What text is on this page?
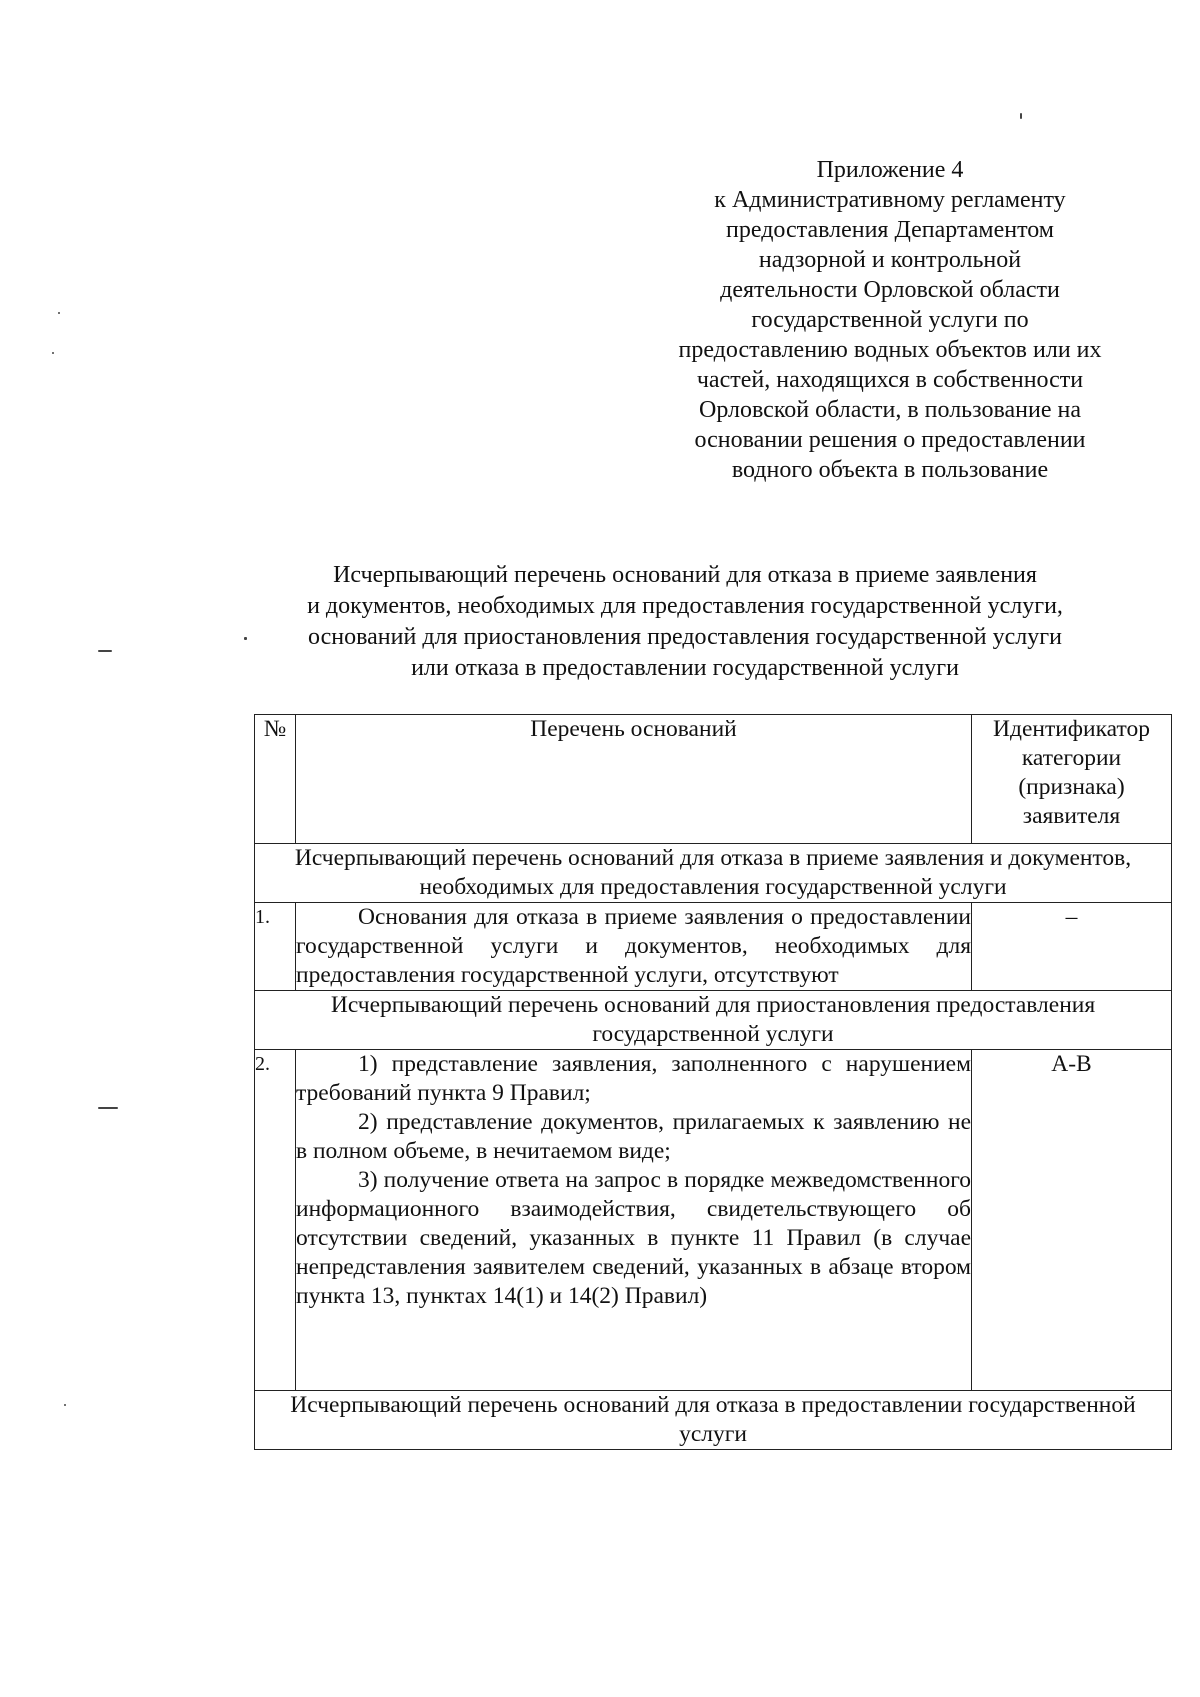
Приложение 4
к Административному регламенту
предоставления Департаментом
надзорной и контрольной
деятельности Орловской области
государственной услуги по
предоставлению водных объектов или их
частей, находящихся в собственности
Орловской области, в пользование на
основании решения о предоставлении
водного объекта в пользование
Исчерпывающий перечень оснований для отказа в приеме заявления
и документов, необходимых для предоставления государственной услуги,
оснований для приостановления предоставления государственной услуги
или отказа в предоставлении государственной услуги
№	Перечень оснований	Идентификатор
категории
(признака)
заявителя

Исчерпывающий перечень оснований для отказа в приеме заявления и документов, необходимых для предоставления государственной услуги		
1.	Основания для отказа в приеме заявления о предоставлении государственной услуги и документов, необходимых для предоставления государственной услуги, отсутствуют	–
Исчерпывающий перечень оснований для приостановления предоставления государственной услуги		
2.	1) представление заявления, заполненного с нарушением требований пункта 9 Правил;

2) представление документов, прилагаемых к заявлению не в полном объеме, в нечитаемом виде;

3) получение ответа на запрос в порядке межведомственного информационного взаимодействия, свидетельствующего об отсутствии сведений, указанных в пункте 11 Правил (в случае непредставления заявителем сведений, указанных в абзаце втором пункта 13, пунктах 14(1) и 14(2) Правил)	А-В
Исчерпывающий перечень оснований для отказа в предоставлении государственной услуги		
